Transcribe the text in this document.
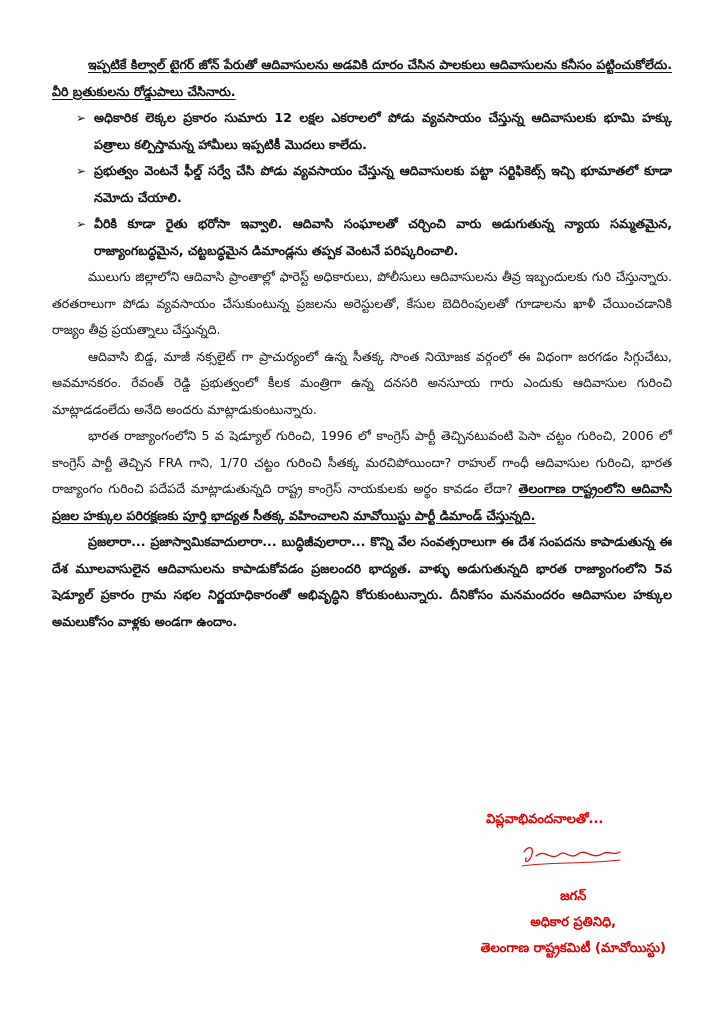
ఇప్పటికే కిల్వాల్ టైగర్ జోన్ పేరుతో ఆదివాసులను అడవికి దూరం చేసిన పాలకులు ఆదివాసులను కనీసం పట్టించుకోలేదు. వీరి బ్రతుకులను రోడ్డుపాలు చేసినారు.

➢ అధికారిక లెక్కల ప్రకారం సుమారు 12 లక్షల ఎకరాలలో పోడు వ్యవసాయం చేస్తున్న ఆదివాసులకు భూమి హక్కు పత్రాలు కల్పిస్తామన్న హామీలు ఇప్పటికీ మొదలు కాలేదు.
➢ ప్రభుత్వం వెంటనే ఫీల్డ్ సర్వే చేసి పోడు వ్యవసాయం చేస్తున్న ఆదివాసులకు పట్టా సర్టిఫికెట్స్ ఇచ్చి భూమాతలో కూడా నమోదు చేయాలి.
➢ వీరికి కూడా రైతు భరోసా ఇవ్వాలి. ఆదివాసి సంఘాలతో చర్చించి వారు అడుగుతున్న న్యాయ సమ్మతమైన, రాజ్యాంగబద్ధమైన, చట్టబద్ధమైన డిమాండ్లను తప్పక వెంటనే పరిష్కరించాలి.

ములుగు జిల్లాలోని ఆదివాసి ప్రాంతాల్లో ఫారెస్ట్ అధికారులు, పోలీసులు ఆదివాసులను తీవ్ర ఇబ్బందులకు గురి చేస్తున్నారు. తరతరాలుగా పోడు వ్యవసాయం చేసుకుంటున్న ప్రజలను అరెస్టులతో, కేసుల బెదిరింపులతో గూడాలను ఖాళీ చేయించడానికి రాజ్యం తీవ్ర ప్రయత్నాలు చేస్తున్నది.

ఆదివాసి బిడ్డ, మాజీ నక్సలైట్ గా ప్రాచుర్యంలో ఉన్న సీతక్క సొంత నియోజక వర్గంలో ఈ విధంగా జరగడం సిగ్గుచేటు, అవమానకరం. రేవంత్ రెడ్డి ప్రభుత్వంలో కీలక మంత్రిగా ఉన్న దనసరి అనసూయ గారు ఎందుకు ఆదివాసుల గురించి మాట్లాడడంలేదు అనేది అందరు మాట్లాడుకుంటున్నారు.

భారత రాజ్యాంగంలోని 5 వ షెడ్యూల్ గురించి, 1996 లో కాంగ్రెస్ పార్టీ తెచ్చినటువంటి పెసా చట్టం గురించి, 2006 లో కాంగ్రెస్ పార్టీ తెచ్చిన FRA గాని, 1/70 చట్టం గురించి సీతక్క మరచిపోయిందా? రాహుల్ గాంధీ ఆదివాసుల గురించి, భారత రాజ్యాంగం గురించి పదేపదే మాట్లాడుతున్నది రాష్ట్ర కాంగ్రెస్ నాయకులకు అర్థం కావడం లేదా? తెలంగాణ రాష్ట్రంలోని ఆదివాసి ప్రజల హక్కుల పరిరక్షణకు పూర్తి భాద్యత సీతక్క వహించాలని మావోయిస్టు పార్టీ డిమాండ్ చేస్తున్నది.

ప్రజలారా... ప్రజాస్వామికవాదులారా... బుద్ధిజీవులారా... కొన్ని వేల సంవత్సరాలుగా ఈ దేశ సంపదను కాపాడుతున్న ఈ దేశ మూలవాసులైన ఆదివాసులను కాపాడుకోవడం ప్రజలందరి భాద్యత. వాళ్ళు అడుగుతున్నది భారత రాజ్యాంగంలోని 5వ షెడ్యూల్ ప్రకారం గ్రామ సభల నిర్ణయాధికారంతో అభివృద్ధిని కోరుకుంటున్నారు. దీనికోసం మనమందరం ఆదివాసుల హక్కుల అమలుకోసం వాళ్లకు అండగా ఉందాం.

విప్లవాభివందనాలతో...
జగన్
అధికార ప్రతినిధి,
తెలంగాణ రాష్ట్రకమిటీ (మావోయిస్టు)
